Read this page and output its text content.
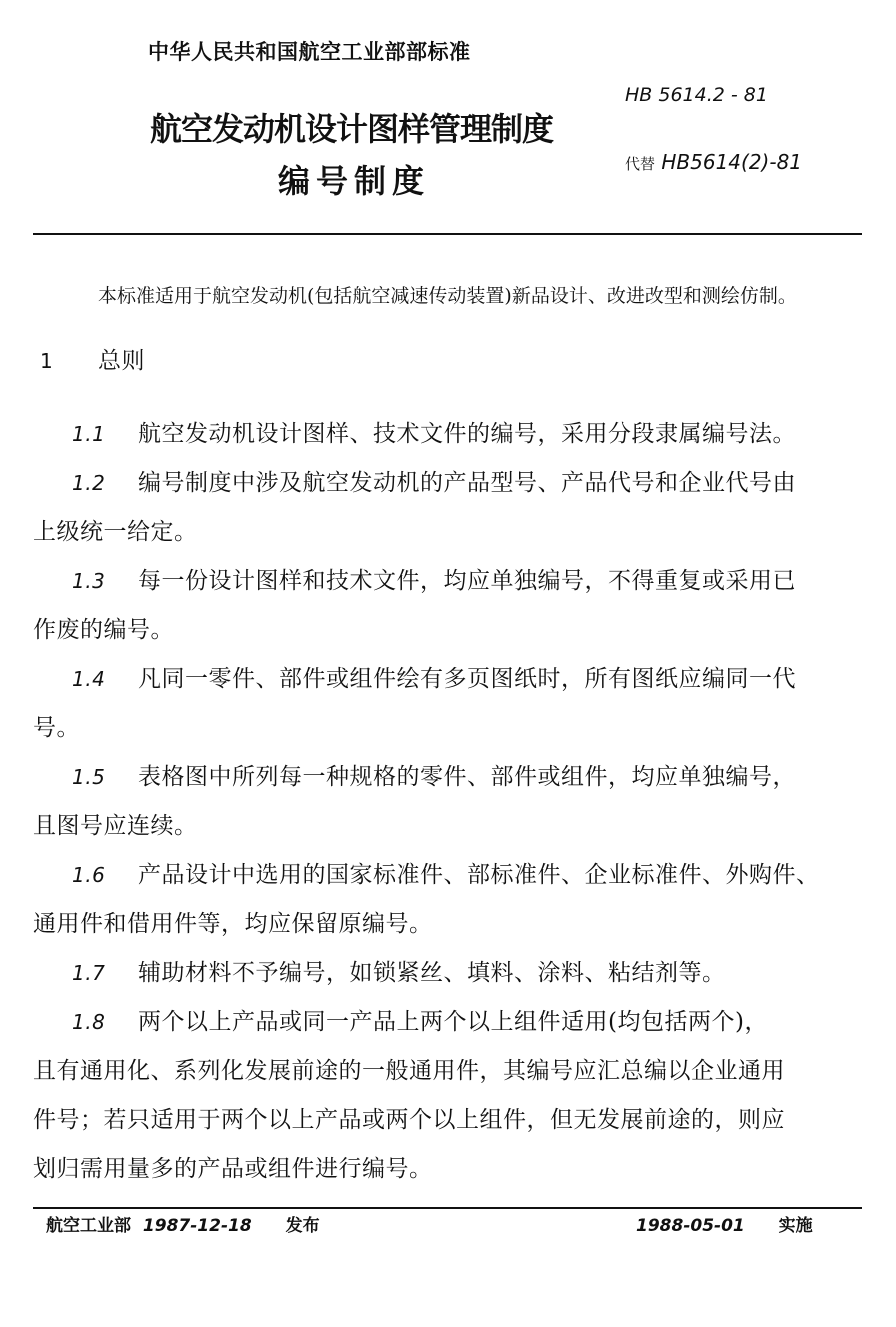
中华人民共和国航空工业部部标准
HB 5614.2 - 81
代替 HB5614(2)-81
航空发动机设计图样管理制度
编号制度
本标准适用于航空发动机(包括航空减速传动装置)新品设计、改进改型和测绘仿制。
1 总则
1.1 航空发动机设计图样、技术文件的编号，采用分段隶属编号法。
1.2 编号制度中涉及航空发动机的产品型号、产品代号和企业代号由
上级统一给定。
1.3 每一份设计图样和技术文件，均应单独编号，不得重复或采用已
作废的编号。
1.4 凡同一零件、部件或组件绘有多页图纸时，所有图纸应编同一代
号。
1.5 表格图中所列每一种规格的零件、部件或组件，均应单独编号，
且图号应连续。
1.6 产品设计中选用的国家标准件、部标准件、企业标准件、外购件、
通用件和借用件等，均应保留原编号。
1.7 辅助材料不予编号，如锁紧丝、填料、涂料、粘结剂等。
1.8 两个以上产品或同一产品上两个以上组件适用(均包括两个)，
且有通用化、系列化发展前途的一般通用件，其编号应汇总编以企业通用
件号；若只适用于两个以上产品或两个以上组件，但无发展前途的，则应
划归需用量多的产品或组件进行编号。
航空工业部 1987-12-18 发布	1988-05-01 实施
